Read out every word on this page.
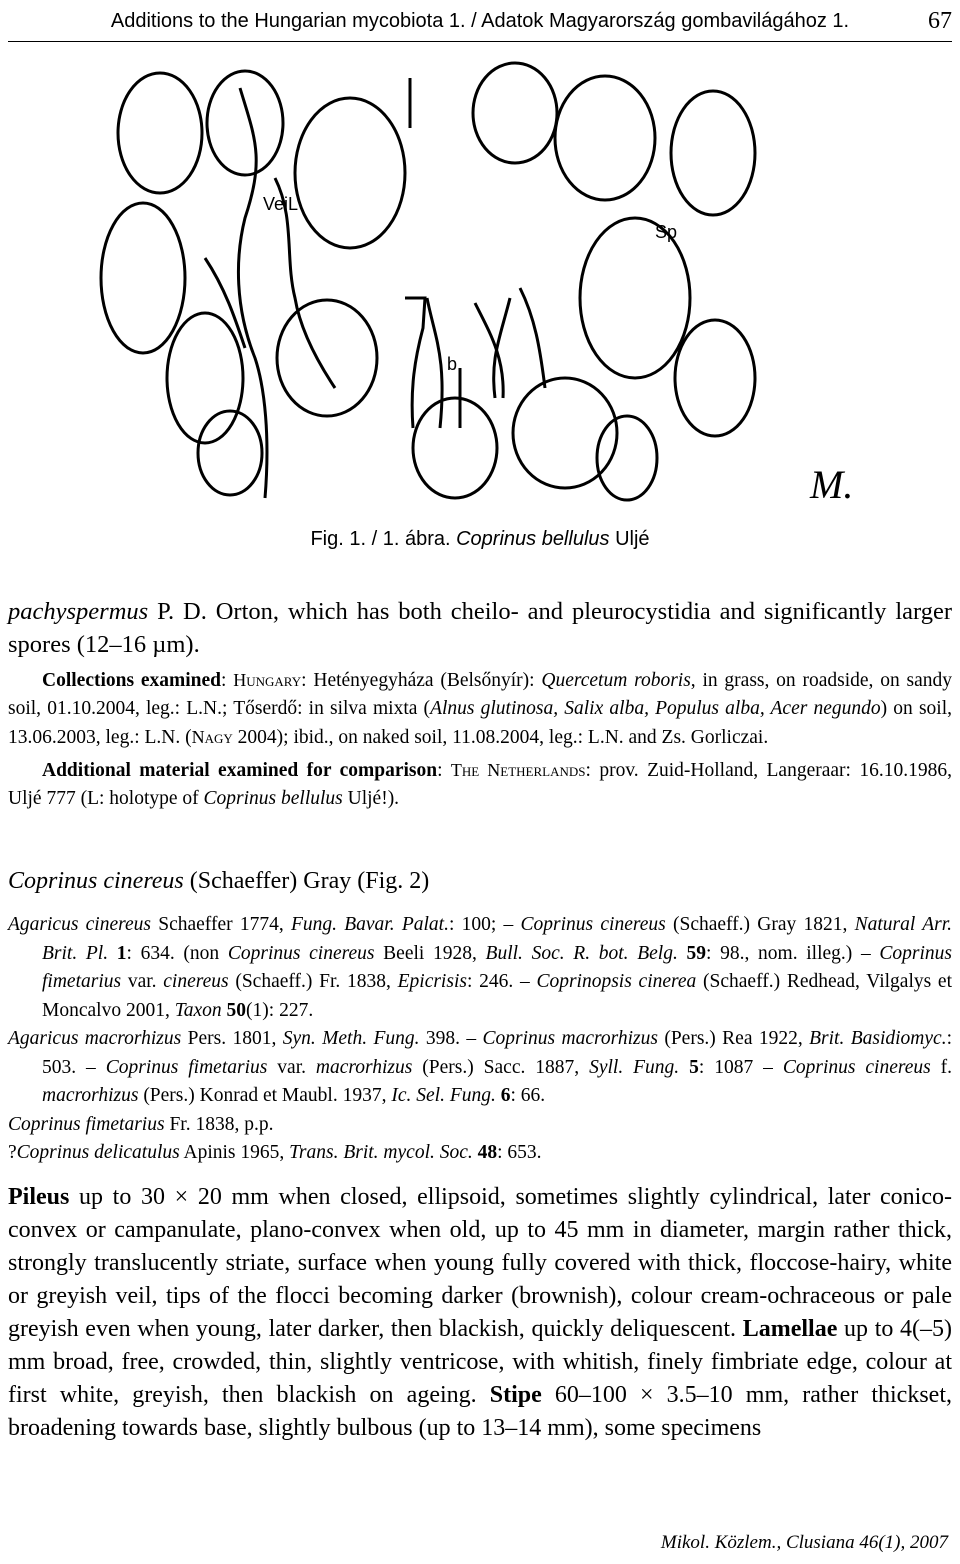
Additions to the Hungarian mycobiota 1. / Adatok Magyarország gombavilágához 1.	67
VeiL
Sp
b
M.
Fig. 1. / 1. ábra. Coprinus bellulus Uljé
pachyspermus P. D. Orton, which has both cheilo- and pleurocystidia and significantly larger spores (12–16 µm).

Collections examined: Hungary: Hetényegyháza (Belsőnyír): Quercetum roboris, in grass, on roadside, on sandy soil, 01.10.2004, leg.: L.N.; Tőserdő: in silva mixta (Alnus glutinosa, Salix alba, Populus alba, Acer negundo) on soil, 13.06.2003, leg.: L.N. (Nagy 2004); ibid., on naked soil, 11.08.2004, leg.: L.N. and Zs. Gorliczai.

Additional material examined for comparison: The Netherlands: prov. Zuid-Holland, Langeraar: 16.10.1986, Uljé 777 (L: holotype of Coprinus bellulus Uljé!).

Coprinus cinereus (Schaeffer) Gray (Fig. 2)

Agaricus cinereus Schaeffer 1774, Fung. Bavar. Palat.: 100; – Coprinus cinereus (Schaeff.) Gray 1821, Natural Arr. Brit. Pl. 1: 634. (non Coprinus cinereus Beeli 1928, Bull. Soc. R. bot. Belg. 59: 98., nom. illeg.) – Coprinus fimetarius var. cinereus (Schaeff.) Fr. 1838, Epicrisis: 246. – Coprinopsis cinerea (Schaeff.) Redhead, Vilgalys et Moncalvo 2001, Taxon 50(1): 227.

Agaricus macrorhizus Pers. 1801, Syn. Meth. Fung. 398. – Coprinus macrorhizus (Pers.) Rea 1922, Brit. Basidiomyc.: 503. – Coprinus fimetarius var. macrorhizus (Pers.) Sacc. 1887, Syll. Fung. 5: 1087 – Coprinus cinereus f. macrorhizus (Pers.) Konrad et Maubl. 1937, Ic. Sel. Fung. 6: 66.

Coprinus fimetarius Fr. 1838, p.p.

?Coprinus delicatulus Apinis 1965, Trans. Brit. mycol. Soc. 48: 653.

Pileus up to 30 × 20 mm when closed, ellipsoid, sometimes slightly cylindrical, later conico-convex or campanulate, plano-convex when old, up to 45 mm in diameter, margin rather thick, strongly translucently striate, surface when young fully covered with thick, floccose-hairy, white or greyish veil, tips of the flocci becoming darker (brownish), colour cream-ochraceous or pale greyish even when young, later darker, then blackish, quickly deliquescent. Lamellae up to 4(–5) mm broad, free, crowded, thin, slightly ventricose, with whitish, finely fimbriate edge, colour at first white, greyish, then blackish on ageing. Stipe 60–100 × 3.5–10 mm, rather thickset, broadening towards base, slightly bulbous (up to 13–14 mm), some specimens
Mikol. Közlem., Clusiana 46(1), 2007
